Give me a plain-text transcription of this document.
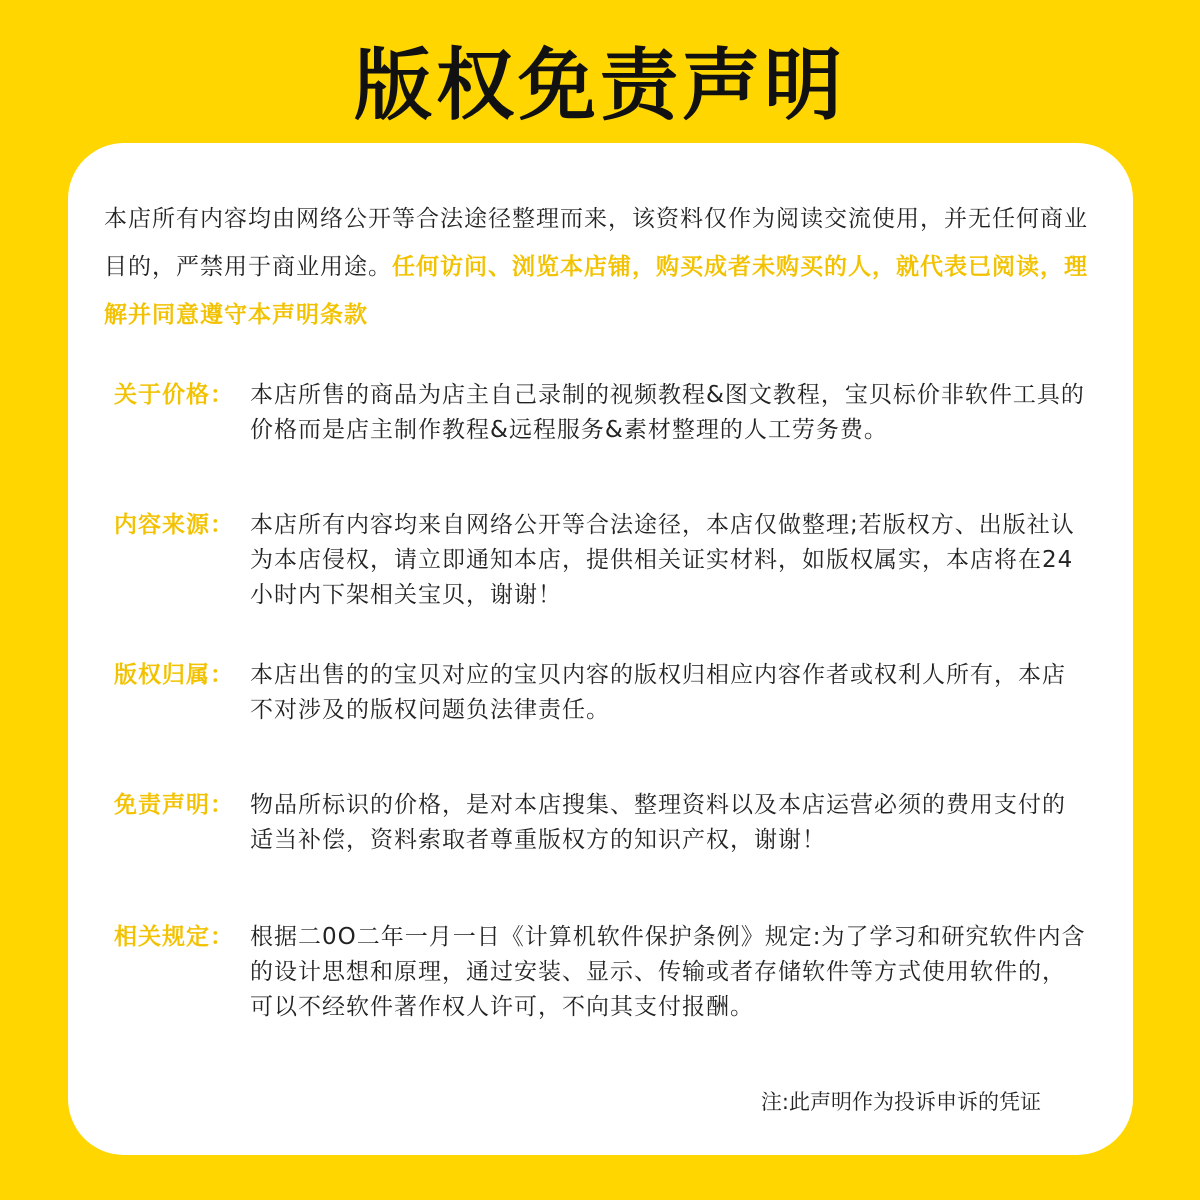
版权免责声明
本店所有内容均由网络公开等合法途径整理而来，该资料仅作为阅读交流使用，并无任何商业目的，严禁用于商业用途。任何访问、浏览本店铺，购买成者未购买的人，就代表已阅读，理解并同意遵守本声明条款
关于价格： 本店所售的商品为店主自己录制的视频教程&图文教程，宝贝标价非软件工具的价格而是店主制作教程&远程服务&素材整理的人工劳务费。
内容来源： 本店所有内容均来自网络公开等合法途径，本店仅做整理;若版权方、出版社认为本店侵权，请立即通知本店，提供相关证实材料，如版权属实，本店将在24小时内下架相关宝贝，谢谢！
版权归属： 本店出售的的宝贝对应的宝贝内容的版权归相应内容作者或权利人所有，本店不对涉及的版权问题负法律责任。
免责声明： 物品所标识的价格，是对本店搜集、整理资料以及本店运营必须的费用支付的适当补偿，资料索取者尊重版权方的知识产权，谢谢！
相关规定： 根据二0O二年一月一日《计算机软件保护条例》规定:为了学习和研究软件内含的设计思想和原理，通过安装、显示、传输或者存储软件等方式使用软件的，可以不经软件著作权人许可，不向其支付报酬。
注:此声明作为投诉申诉的凭证
